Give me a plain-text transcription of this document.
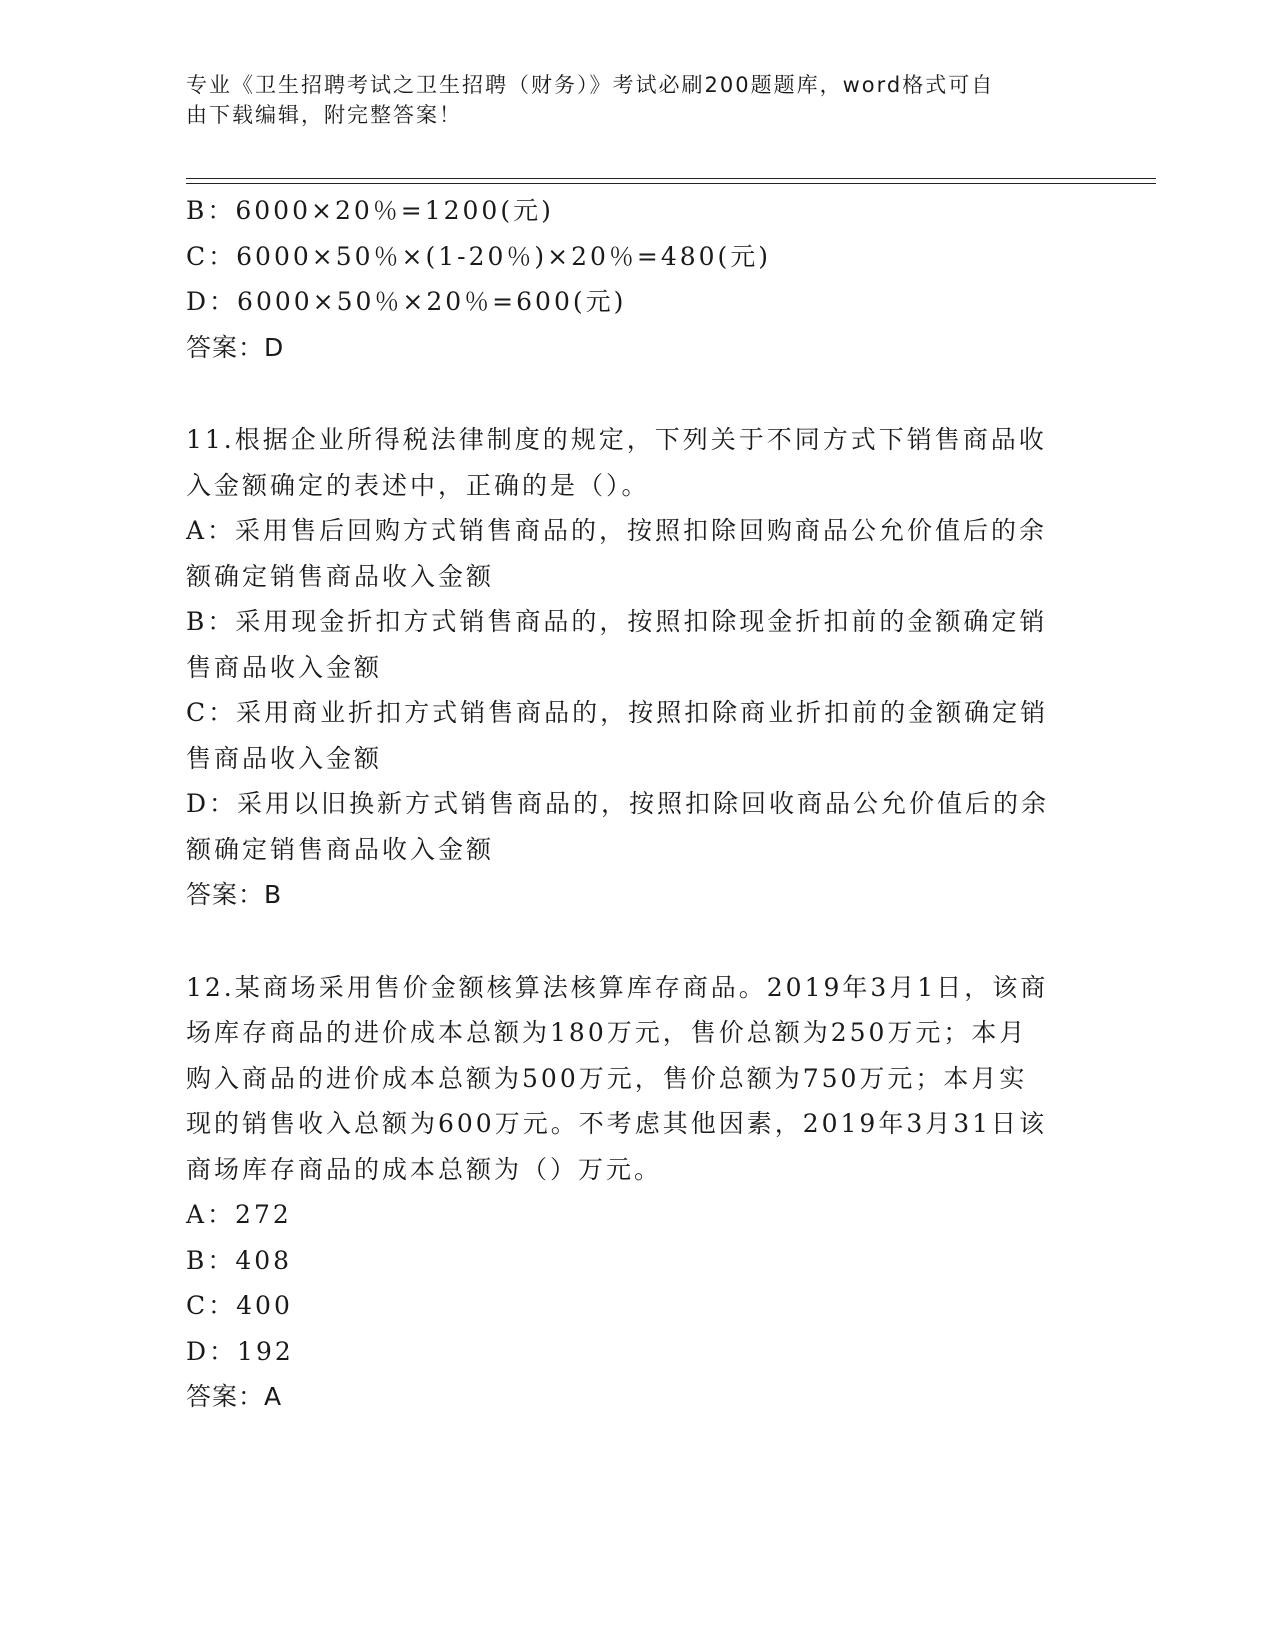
专业《卫生招聘考试之卫生招聘（财务）》考试必刷200题题库，word格式可自
由下载编辑，附完整答案！

B：6000×20％=1200(元)

C：6000×50％×(1-20％)×20％=480(元)

D：6000×50％×20％=600(元)

答案：D

11.根据企业所得税法律制度的规定，下列关于不同方式下销售商品收

入金额确定的表述中，正确的是（）。

A：采用售后回购方式销售商品的，按照扣除回购商品公允价值后的余

额确定销售商品收入金额

B：采用现金折扣方式销售商品的，按照扣除现金折扣前的金额确定销

售商品收入金额

C：采用商业折扣方式销售商品的，按照扣除商业折扣前的金额确定销

售商品收入金额

D：采用以旧换新方式销售商品的，按照扣除回收商品公允价值后的余

额确定销售商品收入金额

答案：B

12.某商场采用售价金额核算法核算库存商品。2019年3月1日，该商

场库存商品的进价成本总额为180万元，售价总额为250万元；本月

购入商品的进价成本总额为500万元，售价总额为750万元；本月实

现的销售收入总额为600万元。不考虑其他因素，2019年3月31日该

商场库存商品的成本总额为（）万元。

A：272

B：408

C：400

D：192

答案：A
